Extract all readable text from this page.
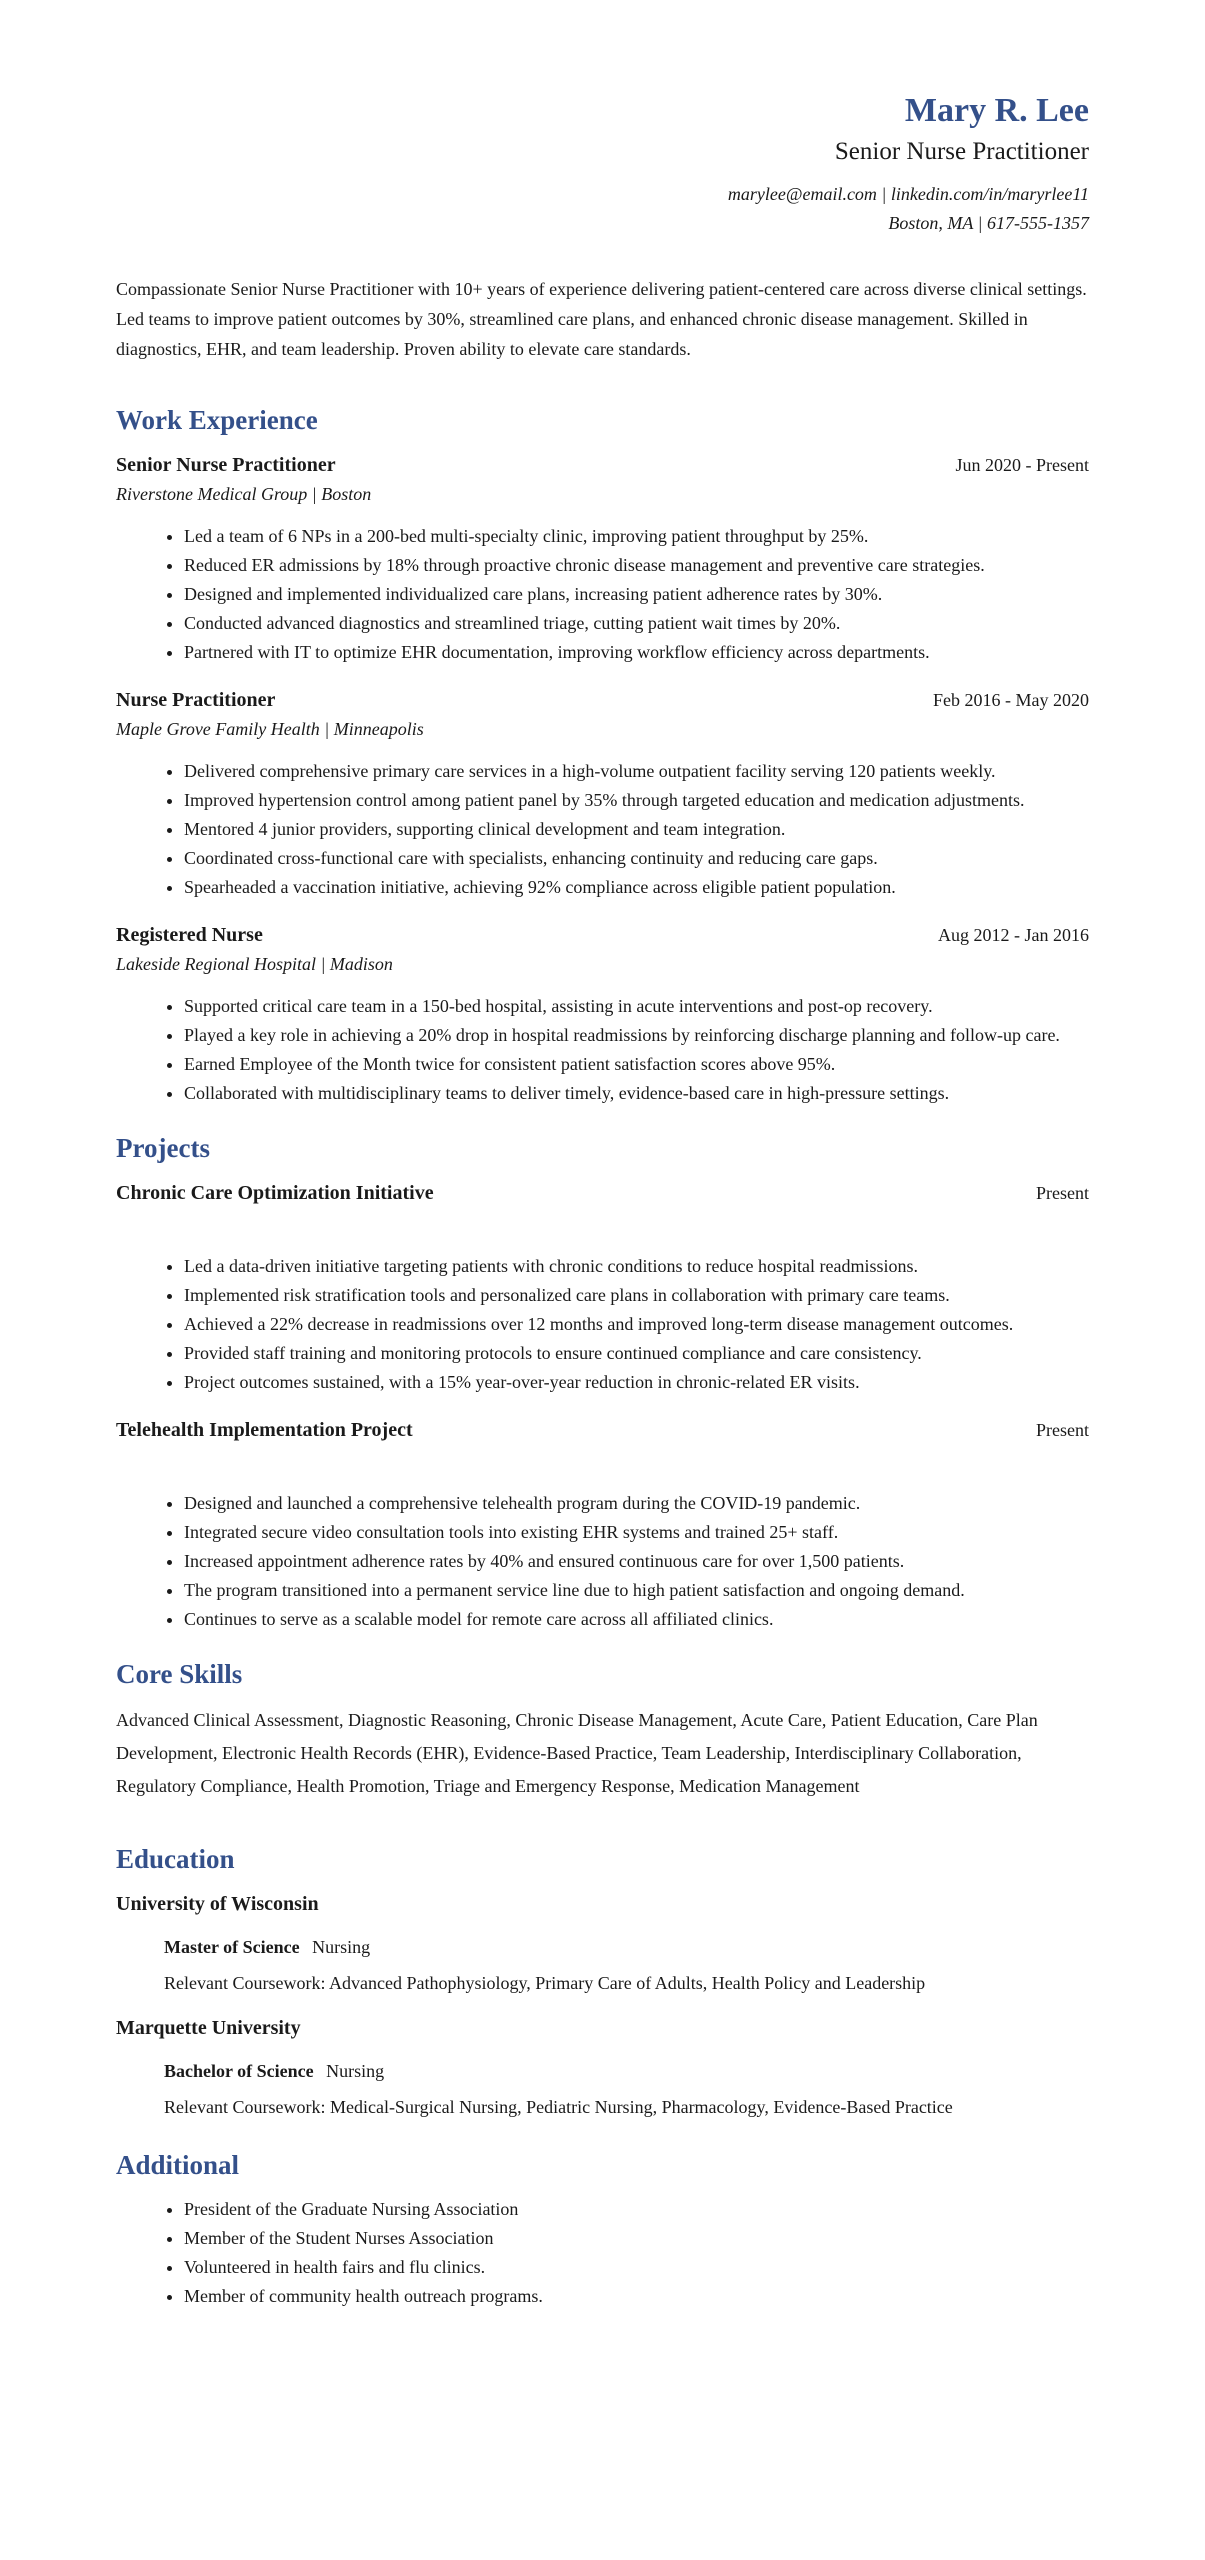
Mary R. Lee
Senior Nurse Practitioner
marylee@email.com | linkedin.com/in/maryrlee11
Boston, MA | 617-555-1357
Compassionate Senior Nurse Practitioner with 10+ years of experience delivering patient-centered care across diverse clinical settings. Led teams to improve patient outcomes by 30%, streamlined care plans, and enhanced chronic disease management. Skilled in diagnostics, EHR, and team leadership. Proven ability to elevate care standards.
Work Experience
Senior Nurse Practitioner	Jun 2020 - Present
Riverstone Medical Group | Boston
• Led a team of 6 NPs in a 200-bed multi-specialty clinic, improving patient throughput by 25%.
• Reduced ER admissions by 18% through proactive chronic disease management and preventive care strategies.
• Designed and implemented individualized care plans, increasing patient adherence rates by 30%.
• Conducted advanced diagnostics and streamlined triage, cutting patient wait times by 20%.
• Partnered with IT to optimize EHR documentation, improving workflow efficiency across departments.
Nurse Practitioner	Feb 2016 - May 2020
Maple Grove Family Health | Minneapolis
• Delivered comprehensive primary care services in a high-volume outpatient facility serving 120 patients weekly.
• Improved hypertension control among patient panel by 35% through targeted education and medication adjustments.
• Mentored 4 junior providers, supporting clinical development and team integration.
• Coordinated cross-functional care with specialists, enhancing continuity and reducing care gaps.
• Spearheaded a vaccination initiative, achieving 92% compliance across eligible patient population.
Registered Nurse	Aug 2012 - Jan 2016
Lakeside Regional Hospital | Madison
• Supported critical care team in a 150-bed hospital, assisting in acute interventions and post-op recovery.
• Played a key role in achieving a 20% drop in hospital readmissions by reinforcing discharge planning and follow-up care.
• Earned Employee of the Month twice for consistent patient satisfaction scores above 95%.
• Collaborated with multidisciplinary teams to deliver timely, evidence-based care in high-pressure settings.
Projects
Chronic Care Optimization Initiative	Present
• Led a data-driven initiative targeting patients with chronic conditions to reduce hospital readmissions.
• Implemented risk stratification tools and personalized care plans in collaboration with primary care teams.
• Achieved a 22% decrease in readmissions over 12 months and improved long-term disease management outcomes.
• Provided staff training and monitoring protocols to ensure continued compliance and care consistency.
• Project outcomes sustained, with a 15% year-over-year reduction in chronic-related ER visits.
Telehealth Implementation Project	Present
• Designed and launched a comprehensive telehealth program during the COVID-19 pandemic.
• Integrated secure video consultation tools into existing EHR systems and trained 25+ staff.
• Increased appointment adherence rates by 40% and ensured continuous care for over 1,500 patients.
• The program transitioned into a permanent service line due to high patient satisfaction and ongoing demand.
• Continues to serve as a scalable model for remote care across all affiliated clinics.
Core Skills
Advanced Clinical Assessment, Diagnostic Reasoning, Chronic Disease Management, Acute Care, Patient Education, Care Plan Development, Electronic Health Records (EHR), Evidence-Based Practice, Team Leadership, Interdisciplinary Collaboration, Regulatory Compliance, Health Promotion, Triage and Emergency Response, Medication Management
Education
University of Wisconsin
Master of Science Nursing
Relevant Coursework: Advanced Pathophysiology, Primary Care of Adults, Health Policy and Leadership
Marquette University
Bachelor of Science Nursing
Relevant Coursework: Medical-Surgical Nursing, Pediatric Nursing, Pharmacology, Evidence-Based Practice
Additional
• President of the Graduate Nursing Association
• Member of the Student Nurses Association
• Volunteered in health fairs and flu clinics.
• Member of community health outreach programs.
